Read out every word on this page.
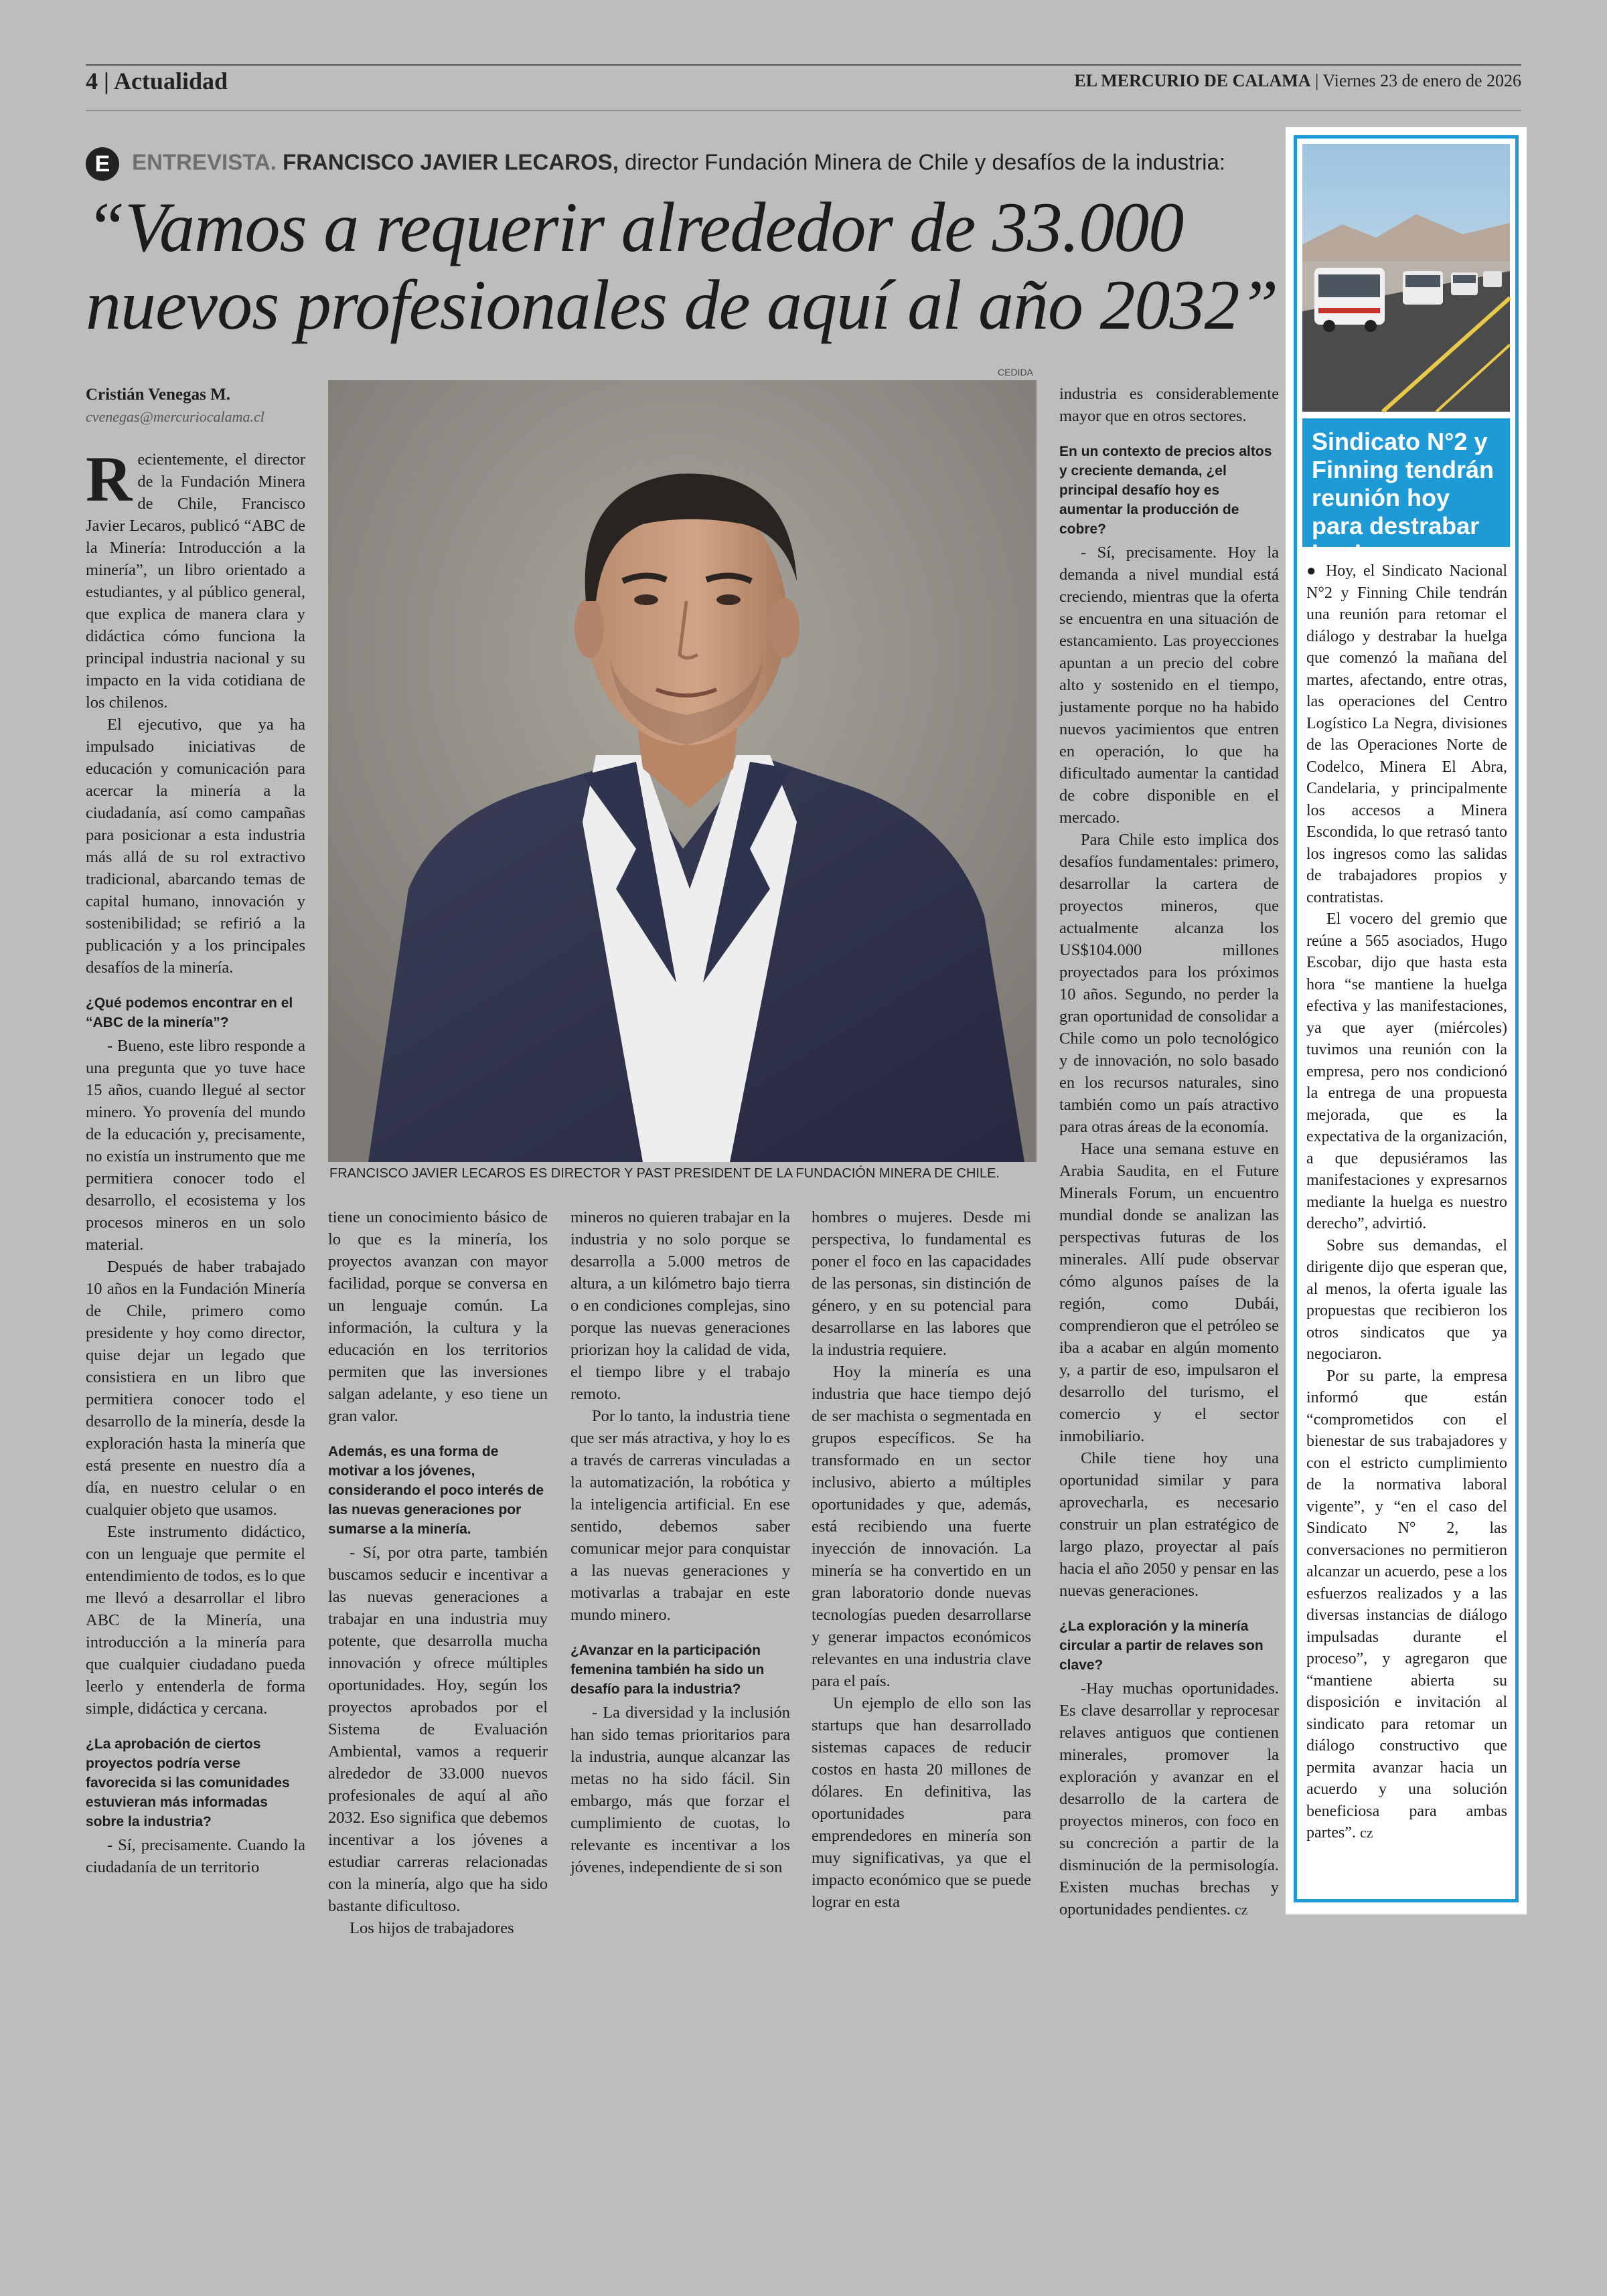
4 | Actualidad	EL MERCURIO DE CALAMA | Viernes 23 de enero de 2026
E ENTREVISTA. FRANCISCO JAVIER LECAROS, director Fundación Minera de Chile y desafíos de la industria:
“Vamos a requerir alrededor de 33.000
nuevos profesionales de aquí al año 2032”
Cristián Venegas M.
cvenegas@mercuriocalama.cl
CEDIDA
FRANCISCO JAVIER LECAROS ES DIRECTOR Y PAST PRESIDENT DE LA FUNDACIÓN MINERA DE CHILE.

Recientemente, el director de la Fundación Minera de Chile, Francisco Javier Lecaros, publicó “ABC de la Minería: Introducción a la minería”, un libro orientado a estudiantes, y al público general, que explica de manera clara y didáctica cómo funciona la principal industria nacional y su impacto en la vida cotidiana de los chilenos.

El ejecutivo, que ya ha impulsado iniciativas de educación y comunicación para acercar la minería a la ciudadanía, así como campañas para posicionar a esta industria más allá de su rol extractivo tradicional, abarcando temas de capital humano, innovación y sostenibilidad; se refirió a la publicación y a los principales desafíos de la minería.

¿Qué podemos encontrar en el “ABC de la minería”?

- Bueno, este libro responde a una pregunta que yo tuve hace 15 años, cuando llegué al sector minero. Yo provenía del mundo de la educación y, precisamente, no existía un instrumento que me permitiera conocer todo el desarrollo, el ecosistema y los procesos mineros en un solo material.

Después de haber trabajado 10 años en la Fundación Minería de Chile, primero como presidente y hoy como director, quise dejar un legado que consistiera en un libro que permitiera conocer todo el desarrollo de la minería, desde la exploración hasta la minería que está presente en nuestro día a día, en nuestro celular o en cualquier objeto que usamos.

Este instrumento didáctico, con un lenguaje que permite el entendimiento de todos, es lo que me llevó a desarrollar el libro ABC de la Minería, una introducción a la minería para que cualquier ciudadano pueda leerlo y entenderla de forma simple, didáctica y cercana.

¿La aprobación de ciertos proyectos podría verse favorecida si las comunidades estuvieran más informadas sobre la industria?

- Sí, precisamente. Cuando la ciudadanía de un territorio

tiene un conocimiento básico de lo que es la minería, los proyectos avanzan con mayor facilidad, porque se conversa en un lenguaje común. La información, la cultura y la educación en los territorios permiten que las inversiones salgan adelante, y eso tiene un gran valor.

Además, es una forma de motivar a los jóvenes, considerando el poco interés de las nuevas generaciones por sumarse a la minería.

- Sí, por otra parte, también buscamos seducir e incentivar a las nuevas generaciones a trabajar en una industria muy potente, que desarrolla mucha innovación y ofrece múltiples oportunidades. Hoy, según los proyectos aprobados por el Sistema de Evaluación Ambiental, vamos a requerir alrededor de 33.000 nuevos profesionales de aquí al año 2032. Eso significa que debemos incentivar a los jóvenes a estudiar carreras relacionadas con la minería, algo que ha sido bastante dificultoso.

Los hijos de trabajadores

mineros no quieren trabajar en la industria y no solo porque se desarrolla a 5.000 metros de altura, a un kilómetro bajo tierra o en condiciones complejas, sino porque las nuevas generaciones priorizan hoy la calidad de vida, el tiempo libre y el trabajo remoto.

Por lo tanto, la industria tiene que ser más atractiva, y hoy lo es a través de carreras vinculadas a la automatización, la robótica y la inteligencia artificial. En ese sentido, debemos saber comunicar mejor para conquistar a las nuevas generaciones y motivarlas a trabajar en este mundo minero.

¿Avanzar en la participación femenina también ha sido un desafío para la industria?

- La diversidad y la inclusión han sido temas prioritarios para la industria, aunque alcanzar las metas no ha sido fácil. Sin embargo, más que forzar el cumplimiento de cuotas, lo relevante es incentivar a los jóvenes, independiente de si son

hombres o mujeres. Desde mi perspectiva, lo fundamental es poner el foco en las capacidades de las personas, sin distinción de género, y en su potencial para desarrollarse en las labores que la industria requiere.

Hoy la minería es una industria que hace tiempo dejó de ser machista o segmentada en grupos específicos. Se ha transformado en un sector inclusivo, abierto a múltiples oportunidades y que, además, está recibiendo una fuerte inyección de innovación. La minería se ha convertido en un gran laboratorio donde nuevas tecnologías pueden desarrollarse y generar impactos económicos relevantes en una industria clave para el país.

Un ejemplo de ello son las startups que han desarrollado sistemas capaces de reducir costos en hasta 20 millones de dólares. En definitiva, las oportunidades para emprendedores en minería son muy significativas, ya que el impacto económico que se puede lograr en esta

industria es considerablemente mayor que en otros sectores.

En un contexto de precios altos y creciente demanda, ¿el principal desafío hoy es aumentar la producción de cobre?

- Sí, precisamente. Hoy la demanda a nivel mundial está creciendo, mientras que la oferta se encuentra en una situación de estancamiento. Las proyecciones apuntan a un precio del cobre alto y sostenido en el tiempo, justamente porque no ha habido nuevos yacimientos que entren en operación, lo que ha dificultado aumentar la cantidad de cobre disponible en el mercado.

Para Chile esto implica dos desafíos fundamentales: primero, desarrollar la cartera de proyectos mineros, que actualmente alcanza los US$104.000 millones proyectados para los próximos 10 años. Segundo, no perder la gran oportunidad de consolidar a Chile como un polo tecnológico y de innovación, no solo basado en los recursos naturales, sino también como un país atractivo para otras áreas de la economía.

Hace una semana estuve en Arabia Saudita, en el Future Minerals Forum, un encuentro mundial donde se analizan las perspectivas futuras de los minerales. Allí pude observar cómo algunos países de la región, como Dubái, comprendieron que el petróleo se iba a acabar en algún momento y, a partir de eso, impulsaron el desarrollo del turismo, el comercio y el sector inmobiliario.

Chile tiene hoy una oportunidad similar y para aprovecharla, es necesario construir un plan estratégico de largo plazo, proyectar al país hacia el año 2050 y pensar en las nuevas generaciones.

¿La exploración y la minería circular a partir de relaves son clave?

-Hay muchas oportunidades. Es clave desarrollar y reprocesar relaves antiguos que contienen minerales, promover la exploración y avanzar en el desarrollo de la cartera de proyectos mineros, con foco en su concreción a partir de la disminución de la permisología. Existen muchas brechas y oportunidades pendientes. cz

Sindicato N°2 y Finning tendrán reunión hoy para destrabar huelga

● Hoy, el Sindicato Nacional N°2 y Finning Chile tendrán una reunión para retomar el diálogo y destrabar la huelga que comenzó la mañana del martes, afectando, entre otras, las operaciones del Centro Logístico La Negra, divisiones de las Operaciones Norte de Codelco, Minera El Abra, Candelaria, y principalmente los accesos a Minera Escondida, lo que retrasó tanto los ingresos como las salidas de trabajadores propios y contratistas.

El vocero del gremio que reúne a 565 asociados, Hugo Escobar, dijo que hasta esta hora “se mantiene la huelga efectiva y las manifestaciones, ya que ayer (miércoles) tuvimos una reunión con la empresa, pero nos condicionó la entrega de una propuesta mejorada, que es la expectativa de la organización, a que depusiéramos las manifestaciones y expresarnos mediante la huelga es nuestro derecho”, advirtió.

Sobre sus demandas, el dirigente dijo que esperan que, al menos, la oferta iguale las propuestas que recibieron los otros sindicatos que ya negociaron.

Por su parte, la empresa informó que están “comprometidos con el bienestar de sus trabajadores y con el estricto cumplimiento de la normativa laboral vigente”, y “en el caso del Sindicato N° 2, las conversaciones no permitieron alcanzar un acuerdo, pese a los esfuerzos realizados y a las diversas instancias de diálogo impulsadas durante el proceso”, y agregaron que “mantiene abierta su disposición e invitación al sindicato para retomar un diálogo constructivo que permita avanzar hacia un acuerdo y una solución beneficiosa para ambas partes”. cz
